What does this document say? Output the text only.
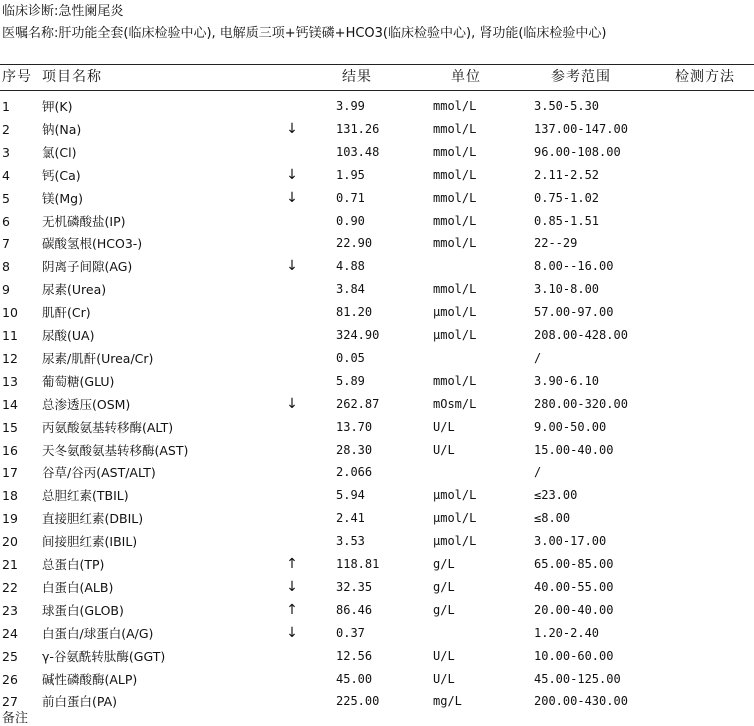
临床诊断:急性阑尾炎
医嘱名称:肝功能全套(临床检验中心), 电解质三项+钙镁磷+HCO3(临床检验中心), 肾功能(临床检验中心)
序号 项目名称	结果	单位	参考范围	检测方法
1	钾(K)	3.99	mmol/L	3.50-5.30
2	钠(Na)	↓	131.26	mmol/L	137.00-147.00
3	氯(Cl)	103.48	mmol/L	96.00-108.00
4	钙(Ca)	↓	1.95	mmol/L	2.11-2.52
5	镁(Mg)	↓	0.71	mmol/L	0.75-1.02
6	无机磷酸盐(IP)	0.90	mmol/L	0.85-1.51
7	碳酸氢根(HCO3-)	22.90	mmol/L	22--29
8	阴离子间隙(AG)	↓	4.88	8.00--16.00
9	尿素(Urea)	3.84	mmol/L	3.10-8.00
10	肌酐(Cr)	81.20	μmol/L	57.00-97.00
11	尿酸(UA)	324.90	μmol/L	208.00-428.00
12	尿素/肌酐(Urea/Cr)	0.05	/
13	葡萄糖(GLU)	5.89	mmol/L	3.90-6.10
14	总渗透压(OSM)	↓	262.87	mOsm/L	280.00-320.00
15	丙氨酸氨基转移酶(ALT)	13.70	U/L	9.00-50.00
16	天冬氨酸氨基转移酶(AST)	28.30	U/L	15.00-40.00
17	谷草/谷丙(AST/ALT)	2.066	/
18	总胆红素(TBIL)	5.94	μmol/L	≤23.00
19	直接胆红素(DBIL)	2.41	μmol/L	≤8.00
20	间接胆红素(IBIL)	3.53	μmol/L	3.00-17.00
21	总蛋白(TP)	↑	118.81	g/L	65.00-85.00
22	白蛋白(ALB)	↓	32.35	g/L	40.00-55.00
23	球蛋白(GLOB)	↑	86.46	g/L	20.00-40.00
24	白蛋白/球蛋白(A/G)	↓	0.37	1.20-2.40
25	γ-谷氨酰转肽酶(GGT)	12.56	U/L	10.00-60.00
26	碱性磷酸酶(ALP)	45.00	U/L	45.00-125.00
27	前白蛋白(PA)	225.00	mg/L	200.00-430.00
备注
